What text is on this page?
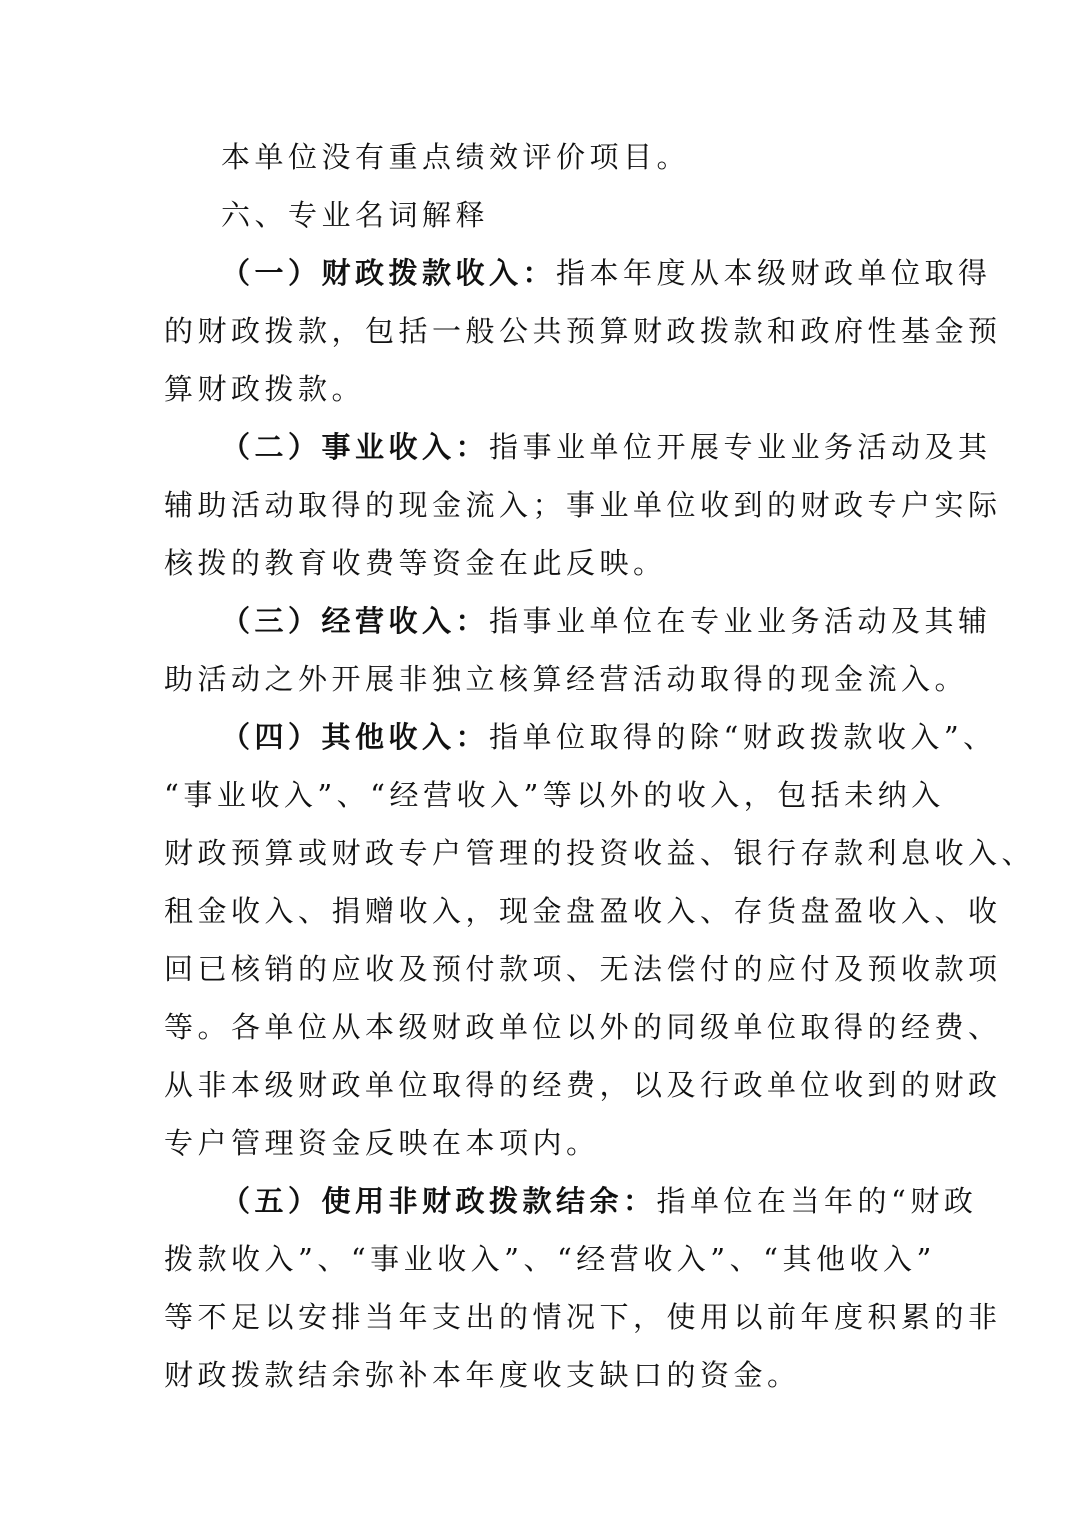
本单位没有重点绩效评价项目。
六、专业名词解释
（一）财政拨款收入：指本年度从本级财政单位取得
的财政拨款，包括一般公共预算财政拨款和政府性基金预
算财政拨款。
（二）事业收入：指事业单位开展专业业务活动及其
辅助活动取得的现金流入；事业单位收到的财政专户实际
核拨的教育收费等资金在此反映。
（三）经营收入：指事业单位在专业业务活动及其辅
助活动之外开展非独立核算经营活动取得的现金流入。
（四）其他收入：指单位取得的除“财政拨款收入”、
“事业收入”、“经营收入”等以外的收入，包括未纳入
财政预算或财政专户管理的投资收益、银行存款利息收入、
租金收入、捐赠收入，现金盘盈收入、存货盘盈收入、收
回已核销的应收及预付款项、无法偿付的应付及预收款项
等。各单位从本级财政单位以外的同级单位取得的经费、
从非本级财政单位取得的经费，以及行政单位收到的财政
专户管理资金反映在本项内。
（五）使用非财政拨款结余：指单位在当年的“财政
拨款收入”、“事业收入”、“经营收入”、“其他收入”
等不足以安排当年支出的情况下，使用以前年度积累的非
财政拨款结余弥补本年度收支缺口的资金。
